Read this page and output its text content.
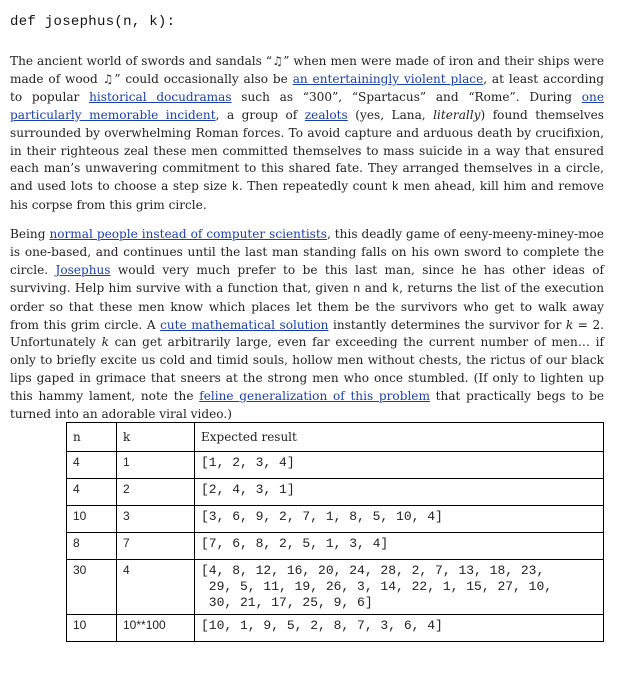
def josephus(n, k):

The ancient world of swords and sandals “♫” when men were made of iron and their ships were made of wood ♫” could occasionally also be an entertainingly violent place, at least according to popular historical docudramas such as “300”, “Spartacus” and “Rome”. During one particularly memorable incident, a group of zealots (yes, Lana, literally) found themselves surrounded by overwhelming Roman forces. To avoid capture and arduous death by crucifixion, in their righteous zeal these men committed themselves to mass suicide in a way that ensured each man’s unwavering commitment to this shared fate. They arranged themselves in a circle, and used lots to choose a step size k. Then repeatedly count k men ahead, kill him and remove his corpse from this grim circle.

Being normal people instead of computer scientists, this deadly game of eeny-meeny-miney-moe is one-based, and continues until the last man standing falls on his own sword to complete the circle. Josephus would very much prefer to be this last man, since he has other ideas of surviving. Help him survive with a function that, given n and k, returns the list of the execution order so that these men know which places let them be the survivors who get to walk away from this grim circle. A cute mathematical solution instantly determines the survivor for k = 2. Unfortunately k can get arbitrarily large, even far exceeding the current number of men… if only to briefly excite us cold and timid souls, hollow men without chests, the rictus of our black lips gaped in grimace that sneers at the strong men who once stumbled. (If only to lighten up this hammy lament, note the feline generalization of this problem that practically begs to be turned into an adorable viral video.)

n	k	Expected result
4	1	[1, 2, 3, 4]
4	2	[2, 4, 3, 1]
10	3	[3, 6, 9, 2, 7, 1, 8, 5, 10, 4]
8	7	[7, 6, 8, 2, 5, 1, 3, 4]
30	4	[4, 8, 12, 16, 20, 24, 28, 2, 7, 13, 18, 23,
29, 5, 11, 19, 26, 3, 14, 22, 1, 15, 27, 10,
30, 21, 17, 25, 9, 6]
10	10**100	[10, 1, 9, 5, 2, 8, 7, 3, 6, 4]
